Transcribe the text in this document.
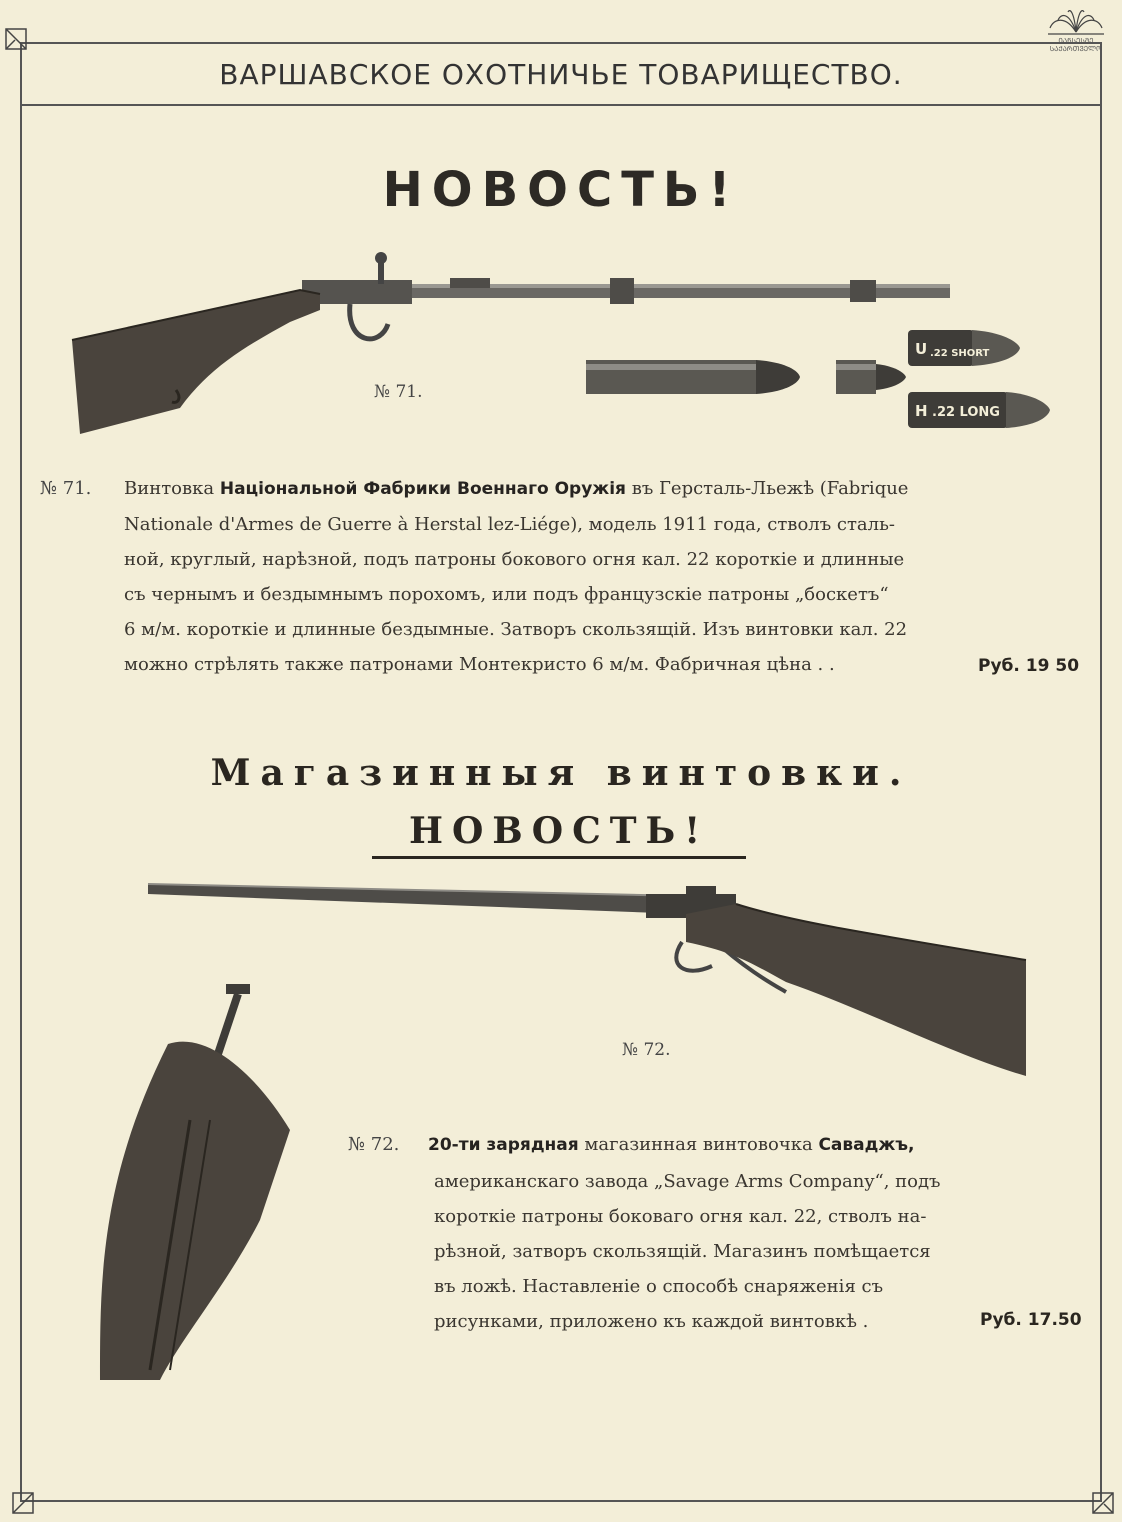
ᲘᲐᲜᲡᲔᲡᲛᲔ
ᲡᲐᲥᲐᲠᲗᲕᲔᲚᲝ
ВАРШАВСКОЕ ОХОТНИЧЬЕ ТОВАРИЩЕСТВО.
НОВОСТЬ!
№ 71.
U .22 SHORT
H .22 LONG
№ 71. Винтовка Національной Фабрики Военнаго Оружія въ Герсталь-Льежѣ (Fabrique
Nationale d'Armes de Guerre à Herstal lez-Liége), модель 1911 года, стволъ сталь-
ной, круглый, нарѣзной, подъ патроны бокового огня кал. 22 короткіе и длинные
съ чернымъ и бездымнымъ порохомъ, или подъ французскіе патроны „боскетъ“
6 м/м. короткіе и длинные бездымные. Затворъ скользящій. Изъ винтовки кал. 22
можно стрѣлять также патронами Монтекристо 6 м/м. Фабричная цѣна . .	Руб. 19 50
Магазинныя винтовки.
НОВОСТЬ!
№ 72.
№ 72. 20-ти зарядная магазинная винтовочка Саваджъ,
американскаго завода „Savage Arms Company“, подъ
короткіе патроны боковаго огня кал. 22, стволъ на-
рѣзной, затворъ скользящій. Магазинъ помѣщается
въ ложѣ. Наставленіе о способѣ снаряженія съ
рисунками, приложено къ каждой винтовкѣ .	Руб. 17.50
